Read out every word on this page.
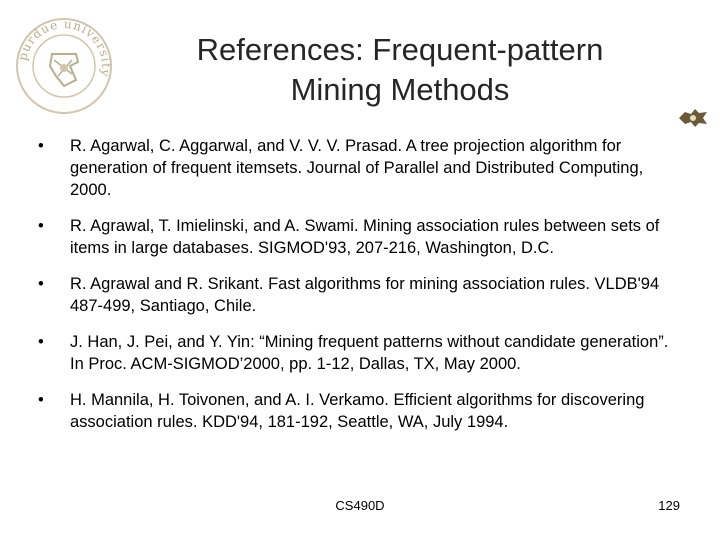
purdue university
References: Frequent-pattern
Mining Methods
• R. Agarwal, C. Aggarwal, and V. V. V. Prasad. A tree projection algorithm for generation of frequent itemsets. Journal of Parallel and Distributed Computing, 2000.
• R. Agrawal, T. Imielinski, and A. Swami. Mining association rules between sets of items in large databases. SIGMOD'93, 207-216, Washington, D.C.
• R. Agrawal and R. Srikant. Fast algorithms for mining association rules. VLDB'94 487-499, Santiago, Chile.
• J. Han, J. Pei, and Y. Yin: “Mining frequent patterns without candidate generation”. In Proc. ACM-SIGMOD’2000, pp. 1-12, Dallas, TX, May 2000.
• H. Mannila, H. Toivonen, and A. I. Verkamo. Efficient algorithms for discovering association rules. KDD'94, 181-192, Seattle, WA, July 1994.
CS490D	129
